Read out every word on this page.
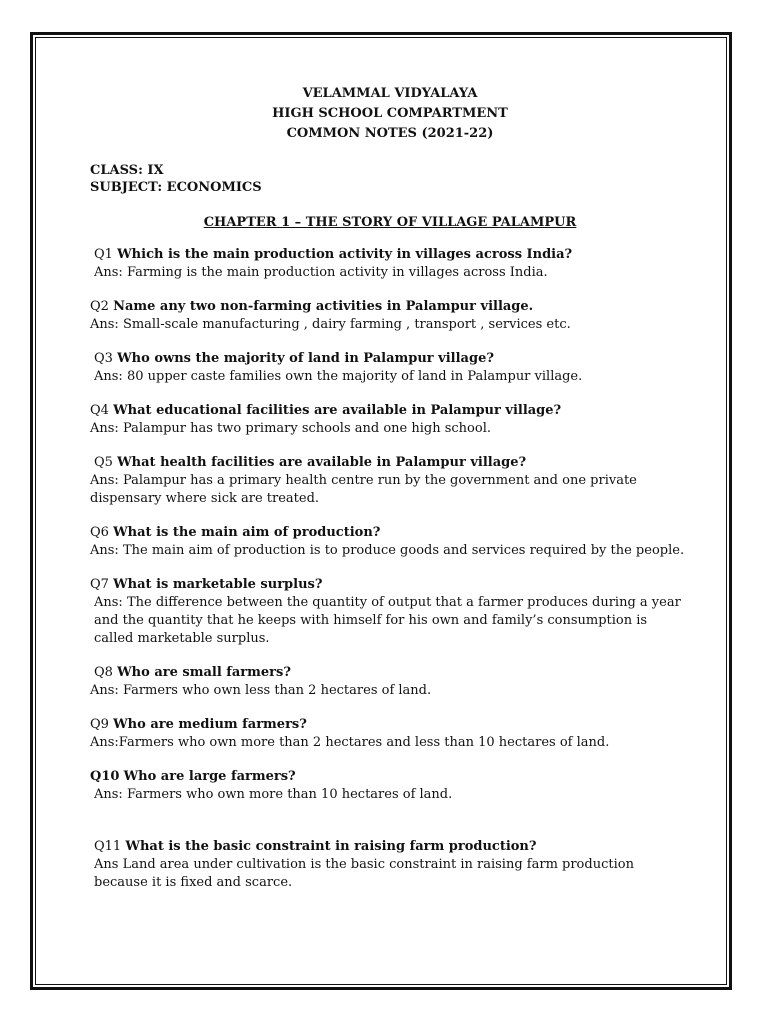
VELAMMAL VIDYALAYA
HIGH SCHOOL COMPARTMENT
COMMON NOTES (2021-22)
CLASS: IX
SUBJECT: ECONOMICS
CHAPTER 1 – THE STORY OF VILLAGE PALAMPUR
Q1 Which is the main production activity in villages across India?
Ans: Farming is the main production activity in villages across India.
Q2 Name any two non-farming activities in Palampur village.
Ans: Small-scale manufacturing , dairy farming , transport , services etc.
Q3 Who owns the majority of land in Palampur village?
Ans: 80 upper caste families own the majority of land in Palampur village.
Q4 What educational facilities are available in Palampur village?
Ans: Palampur has two primary schools and one high school.
Q5 What health facilities are available in Palampur village?
Ans: Palampur has a primary health centre run by the government and one private dispensary where sick are treated.
Q6 What is the main aim of production?
Ans: The main aim of production is to produce goods and services required by the people.
Q7 What is marketable surplus?
Ans: The difference between the quantity of output that a farmer produces during a year and the quantity that he keeps with himself for his own and family’s consumption is called marketable surplus.
Q8 Who are small farmers?
Ans: Farmers who own less than 2 hectares of land.
Q9 Who are medium farmers?
Ans:Farmers who own more than 2 hectares and less than 10 hectares of land.
Q10 Who are large farmers?
Ans: Farmers who own more than 10 hectares of land.
Q11 What is the basic constraint in raising farm production?
Ans Land area under cultivation is the basic constraint in raising farm production because it is fixed and scarce.
